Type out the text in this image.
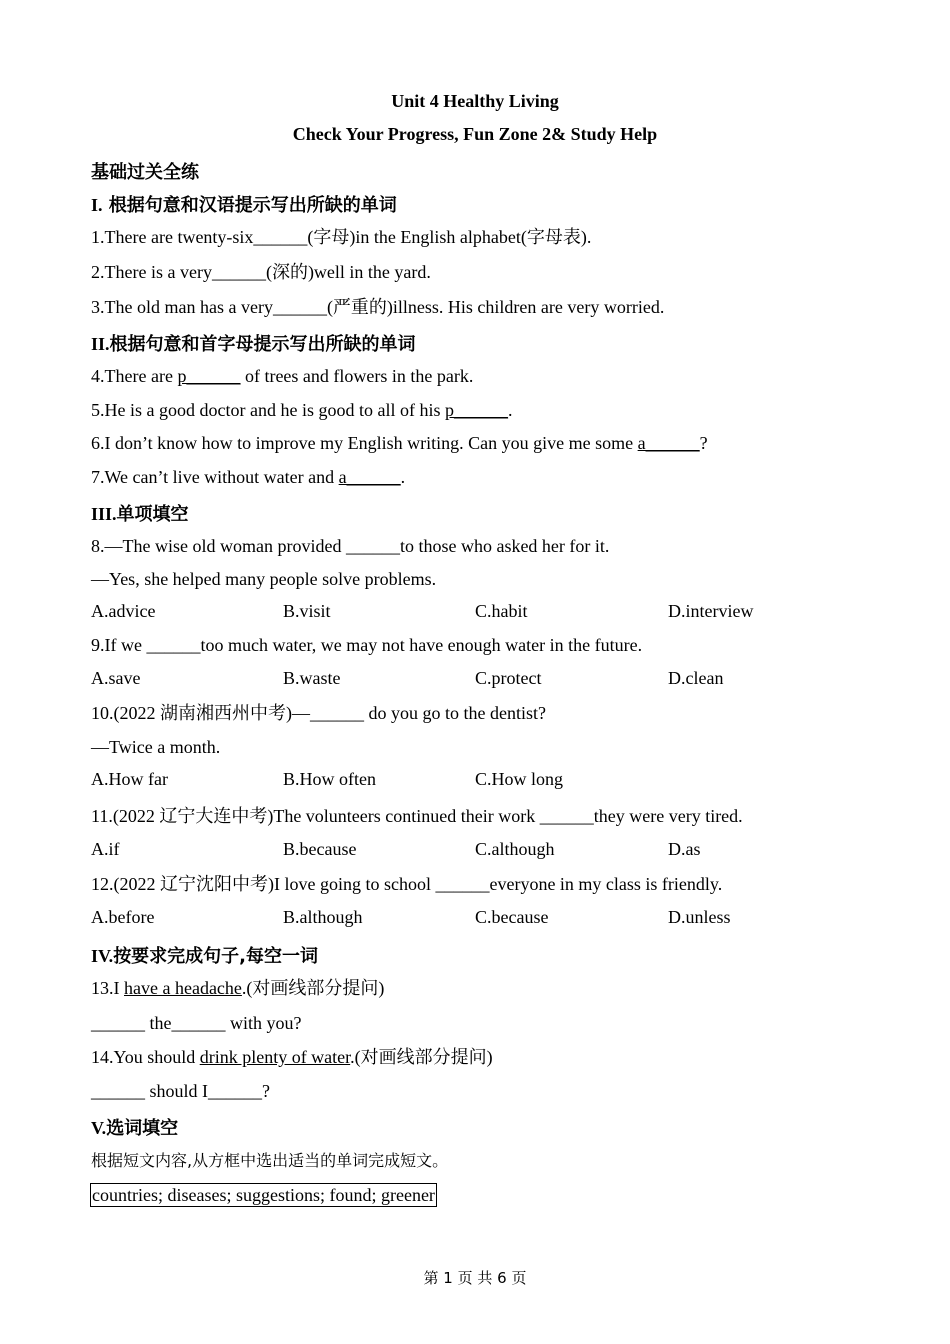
Unit 4 Healthy Living
Check Your Progress, Fun Zone 2& Study Help
基础过关全练
I. 根据句意和汉语提示写出所缺的单词
1.There are twenty-six______(字母)in the English alphabet(字母表).
2.There is a very______(深的)well in the yard.
3.The old man has a very______(严重的)illness. His children are very worried.
II.根据句意和首字母提示写出所缺的单词
4.There are p______ of trees and flowers in the park.
5.He is a good doctor and he is good to all of his p______.
6.I don’t know how to improve my English writing. Can you give me some a______?
7.We can’t live without water and a______.
III.单项填空
8.—The wise old woman provided ______to those who asked her for it.
—Yes, she helped many people solve problems.
A.advice	B.visit	C.habit	D.interview
9.If we ______too much water, we may not have enough water in the future.
A.save	B.waste	C.protect	D.clean
10.(2022 湖南湘西州中考)—______ do you go to the dentist?
—Twice a month.
A.How far	B.How often	C.How long
11.(2022 辽宁大连中考)The volunteers continued their work ______they were very tired.
A.if	B.because	C.although	D.as
12.(2022 辽宁沈阳中考)I love going to school ______everyone in my class is friendly.
A.before	B.although	C.because	D.unless
IV.按要求完成句子,每空一词
13.I have a headache.(对画线部分提问)
______ the______ with you?
14.You should drink plenty of water.(对画线部分提问)
______ should I______?
V.选词填空
根据短文内容,从方框中选出适当的单词完成短文。
countries; diseases; suggestions; found; greener
第 1 页 共 6 页
